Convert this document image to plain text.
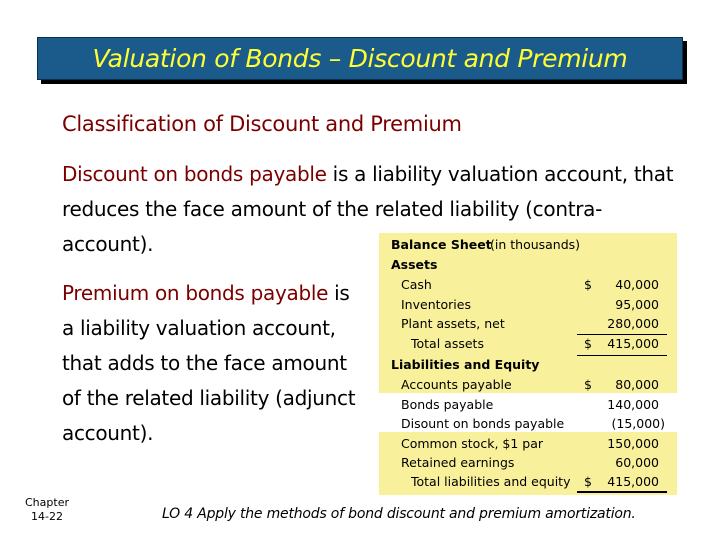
Valuation of Bonds – Discount and Premium
Classification of Discount and Premium
Discount on bonds payable is a liability valuation account, that reduces the face amount of the related liability (contra-account).
Premium on bonds payable is a liability valuation account, that adds to the face amount of the related liability (adjunct account).
Balance Sheet
(in thousands)
Assets
Cash	$ 40,000
Inventories	95,000
Plant assets, net	280,000
Total assets	$ 415,000
Liabilities and Equity
Accounts payable	$ 80,000
Bonds payable	140,000
Disount on bonds payable	(15,000)
Common stock, $1 par	150,000
Retained earnings	60,000
Total liabilities and equity $ 415,000
Chapter
14-22	LO 4 Apply the methods of bond discount and premium amortization.
